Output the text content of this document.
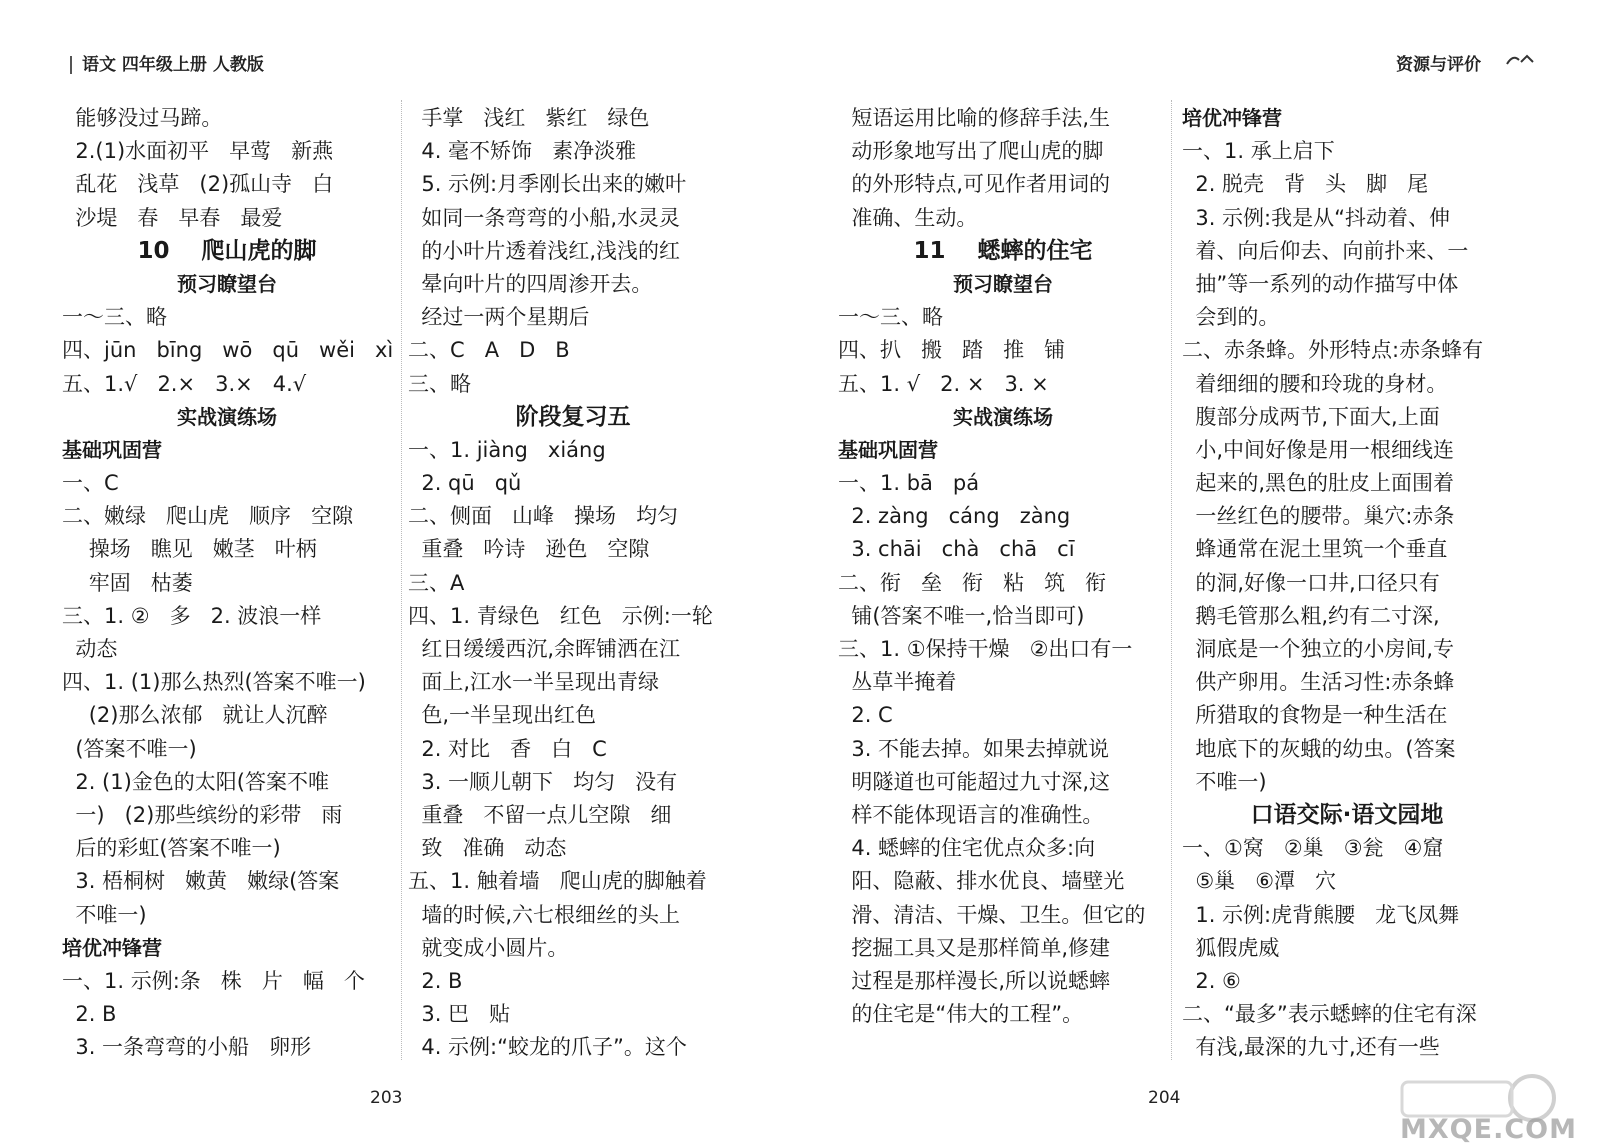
语文 四年级上册 人教版	资源与评价
能够没过马蹄。
2.(1)水面初平   早莺   新燕
乱花   浅草   (2)孤山寺   白
沙堤   春   早春   最爱
10    爬山虎的脚
预习瞭望台
一～三、略
四、jūn   bīng   wō   qū   wěi   xì
五、1.√   2.×   3.×   4.√
实战演练场
基础巩固营
一、C
二、嫩绿   爬山虎   顺序   空隙
操场   瞧见   嫩茎   叶柄
牢固   枯萎
三、1. ②   多   2. 波浪一样
动态
四、1. (1)那么热烈(答案不唯一)
(2)那么浓郁   就让人沉醉
(答案不唯一)
2. (1)金色的太阳(答案不唯
一)   (2)那些缤纷的彩带   雨
后的彩虹(答案不唯一)
3. 梧桐树   嫩黄   嫩绿(答案
不唯一)
培优冲锋营
一、1. 示例:条   株   片   幅   个
2. B
3. 一条弯弯的小船   卵形
手掌   浅红   紫红   绿色
4. 毫不矫饰   素净淡雅
5. 示例:月季刚长出来的嫩叶
如同一条弯弯的小船,水灵灵
的小叶片透着浅红,浅浅的红
晕向叶片的四周渗开去。
经过一两个星期后
二、C   A   D   B
三、略
阶段复习五
一、1. jiàng   xiáng
2. qū   qǔ
二、侧面   山峰   操场   均匀
重叠   吟诗   逊色   空隙
三、A
四、1. 青绿色   红色   示例:一轮
红日缓缓西沉,余晖铺洒在江
面上,江水一半呈现出青绿
色,一半呈现出红色
2. 对比   香   白   C
3. 一顺儿朝下   均匀   没有
重叠   不留一点儿空隙   细
致   准确   动态
五、1. 触着墙   爬山虎的脚触着
墙的时候,六七根细丝的头上
就变成小圆片。
2. B
3. 巴   贴
4. 示例:“蛟龙的爪子”。这个
短语运用比喻的修辞手法,生
动形象地写出了爬山虎的脚
的外形特点,可见作者用词的
准确、生动。
11    蟋蟀的住宅
预习瞭望台
一～三、略
四、扒   搬   踏   推   铺
五、1. √   2. ×   3. ×
实战演练场
基础巩固营
一、1. bā   pá
2. zàng   cáng   zàng
3. chāi   chà   chā   cī
二、衔   垒   衔   粘   筑   衔
铺(答案不唯一,恰当即可)
三、1. ①保持干燥   ②出口有一
丛草半掩着
2. C
3. 不能去掉。如果去掉就说
明隧道也可能超过九寸深,这
样不能体现语言的准确性。
4. 蟋蟀的住宅优点众多:向
阳、隐蔽、排水优良、墙壁光
滑、清洁、干燥、卫生。但它的
挖掘工具又是那样简单,修建
过程是那样漫长,所以说蟋蟀
的住宅是“伟大的工程”。
培优冲锋营
一、1. 承上启下
2. 脱壳   背   头   脚   尾
3. 示例:我是从“抖动着、伸
着、向后仰去、向前扑来、一
抽”等一系列的动作描写中体
会到的。
二、赤条蜂。外形特点:赤条蜂有
着细细的腰和玲珑的身材。
腹部分成两节,下面大,上面
小,中间好像是用一根细线连
起来的,黑色的肚皮上面围着
一丝红色的腰带。巢穴:赤条
蜂通常在泥土里筑一个垂直
的洞,好像一口井,口径只有
鹅毛管那么粗,约有二寸深,
洞底是一个独立的小房间,专
供产卵用。生活习性:赤条蜂
所猎取的食物是一种生活在
地底下的灰蛾的幼虫。(答案
不唯一)
口语交际·语文园地
一、①窝   ②巢   ③瓮   ④窟
⑤巢   ⑥潭   穴
1. 示例:虎背熊腰   龙飞凤舞
狐假虎威
2. ⑥
二、“最多”表示蟋蟀的住宅有深
有浅,最深的九寸,还有一些
203	204
MXQE.COM
